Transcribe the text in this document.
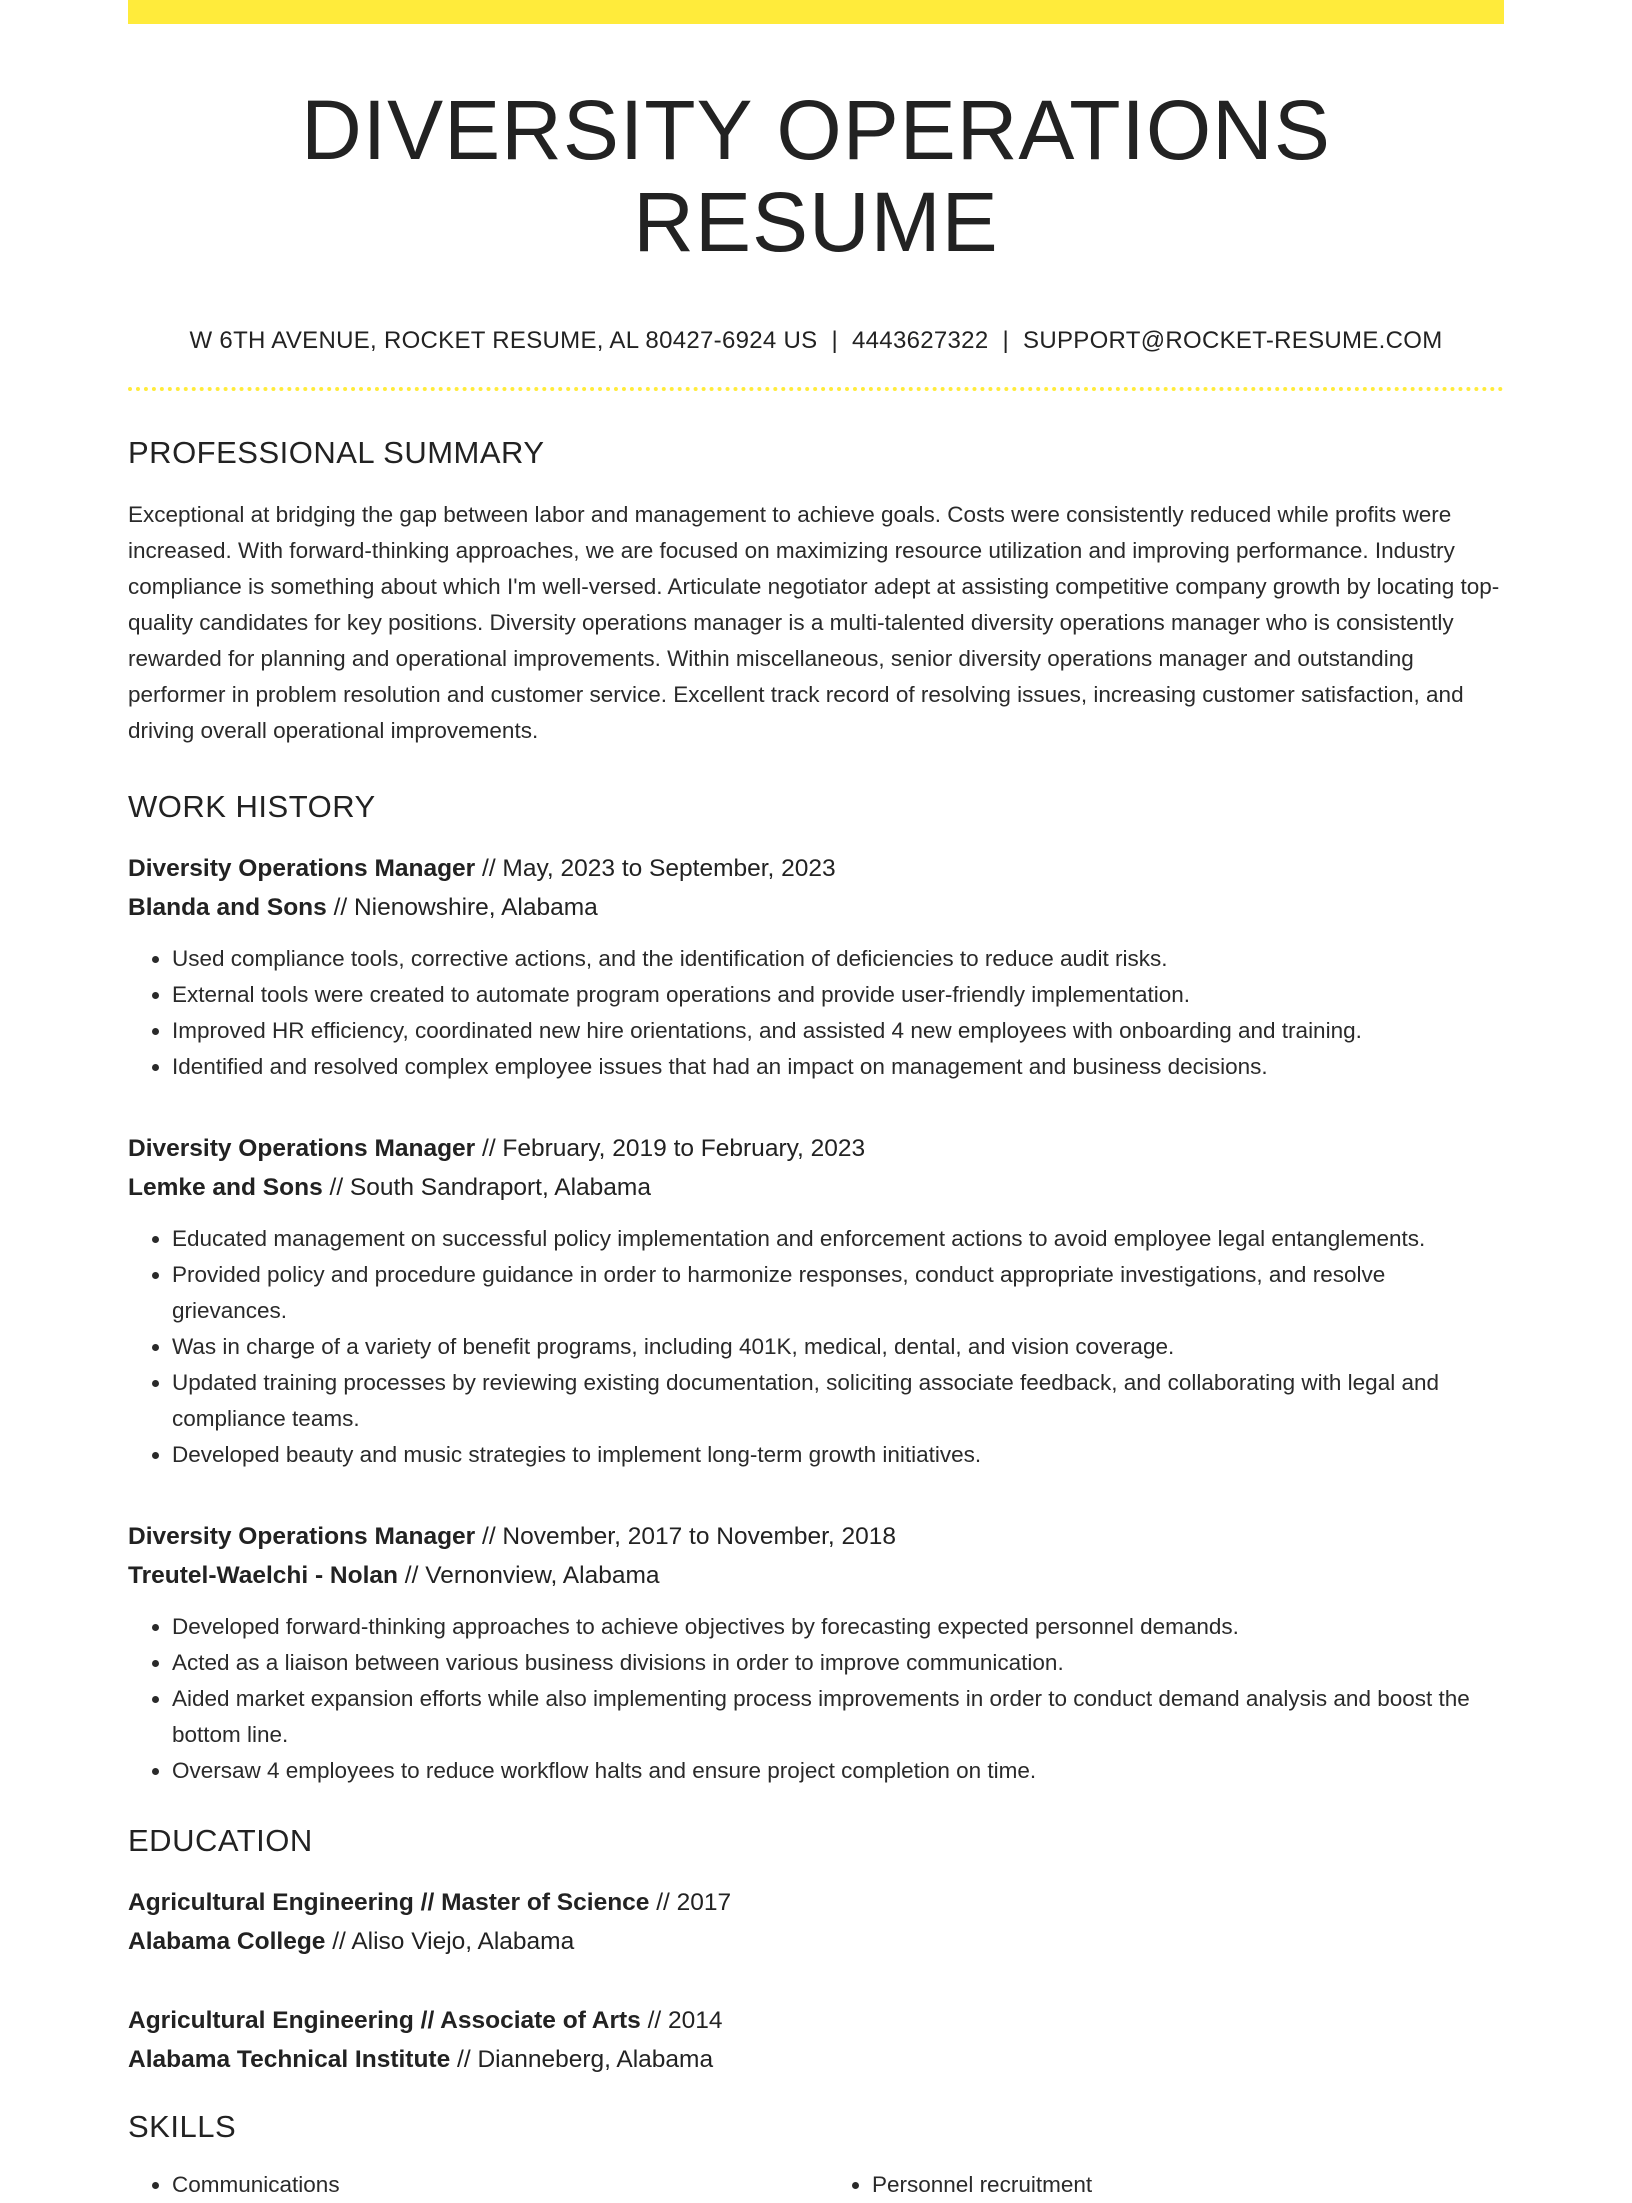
DIVERSITY OPERATIONS RESUME
W 6TH AVENUE, ROCKET RESUME, AL 80427-6924 US | 4443627322 | SUPPORT@ROCKET-RESUME.COM
PROFESSIONAL SUMMARY

Exceptional at bridging the gap between labor and management to achieve goals. Costs were consistently reduced while profits were increased. With forward-thinking approaches, we are focused on maximizing resource utilization and improving performance. Industry compliance is something about which I'm well-versed. Articulate negotiator adept at assisting competitive company growth by locating top-quality candidates for key positions. Diversity operations manager is a multi-talented diversity operations manager who is consistently rewarded for planning and operational improvements. Within miscellaneous, senior diversity operations manager and outstanding performer in problem resolution and customer service. Excellent track record of resolving issues, increasing customer satisfaction, and driving overall operational improvements.

WORK HISTORY
Diversity Operations Manager // May, 2023 to September, 2023
Blanda and Sons // Nienowshire, Alabama
• Used compliance tools, corrective actions, and the identification of deficiencies to reduce audit risks.
• External tools were created to automate program operations and provide user-friendly implementation.
• Improved HR efficiency, coordinated new hire orientations, and assisted 4 new employees with onboarding and training.
• Identified and resolved complex employee issues that had an impact on management and business decisions.
Diversity Operations Manager // February, 2019 to February, 2023
Lemke and Sons // South Sandraport, Alabama
• Educated management on successful policy implementation and enforcement actions to avoid employee legal entanglements.
• Provided policy and procedure guidance in order to harmonize responses, conduct appropriate investigations, and resolve grievances.
• Was in charge of a variety of benefit programs, including 401K, medical, dental, and vision coverage.
• Updated training processes by reviewing existing documentation, soliciting associate feedback, and collaborating with legal and compliance teams.
• Developed beauty and music strategies to implement long-term growth initiatives.
Diversity Operations Manager // November, 2017 to November, 2018
Treutel-Waelchi - Nolan // Vernonview, Alabama
• Developed forward-thinking approaches to achieve objectives by forecasting expected personnel demands.
• Acted as a liaison between various business divisions in order to improve communication.
• Aided market expansion efforts while also implementing process improvements in order to conduct demand analysis and boost the bottom line.
• Oversaw 4 employees to reduce workflow halts and ensure project completion on time.
EDUCATION
Agricultural Engineering // Master of Science // 2017
Alabama College // Aliso Viejo, Alabama
Agricultural Engineering // Associate of Arts // 2014
Alabama Technical Institute // Dianneberg, Alabama
SKILLS
• Communications
•	Personnel recruitment
